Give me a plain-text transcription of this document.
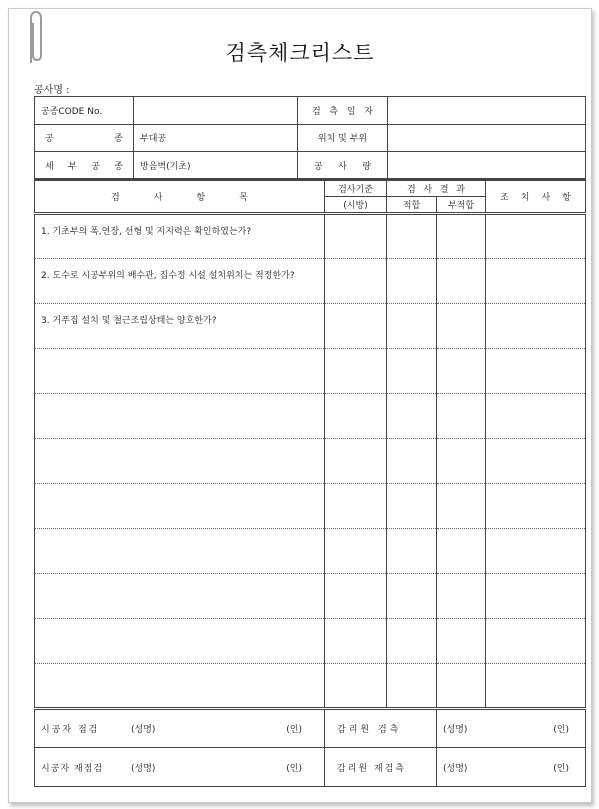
검측체크리스트
공사명 :
공종CODE No.		검 측 일 자	

공 종	부대공	위치 및 부위	

세 부 공 종	방음벽(기초)	공 사 량	

검 사 항 목	검사기준	검 사 결 과		조 치 사 항

	(시방)	적합	부적합	
1. 기초부의 폭,연장, 선형 및 지지력은 확인하였는가?				
2. 도수로 시공부위의 배수관, 집수정 시설 설치위치는 적정한가?				
3. 거푸집 설치 및 철근조립상태는 양호한가?				

시공자 점검 (성명) (인)	감리원 검측		(성명) (인)	

시공자 재점검 (성명) (인)	감리원 재검측		(성명) (인)	
